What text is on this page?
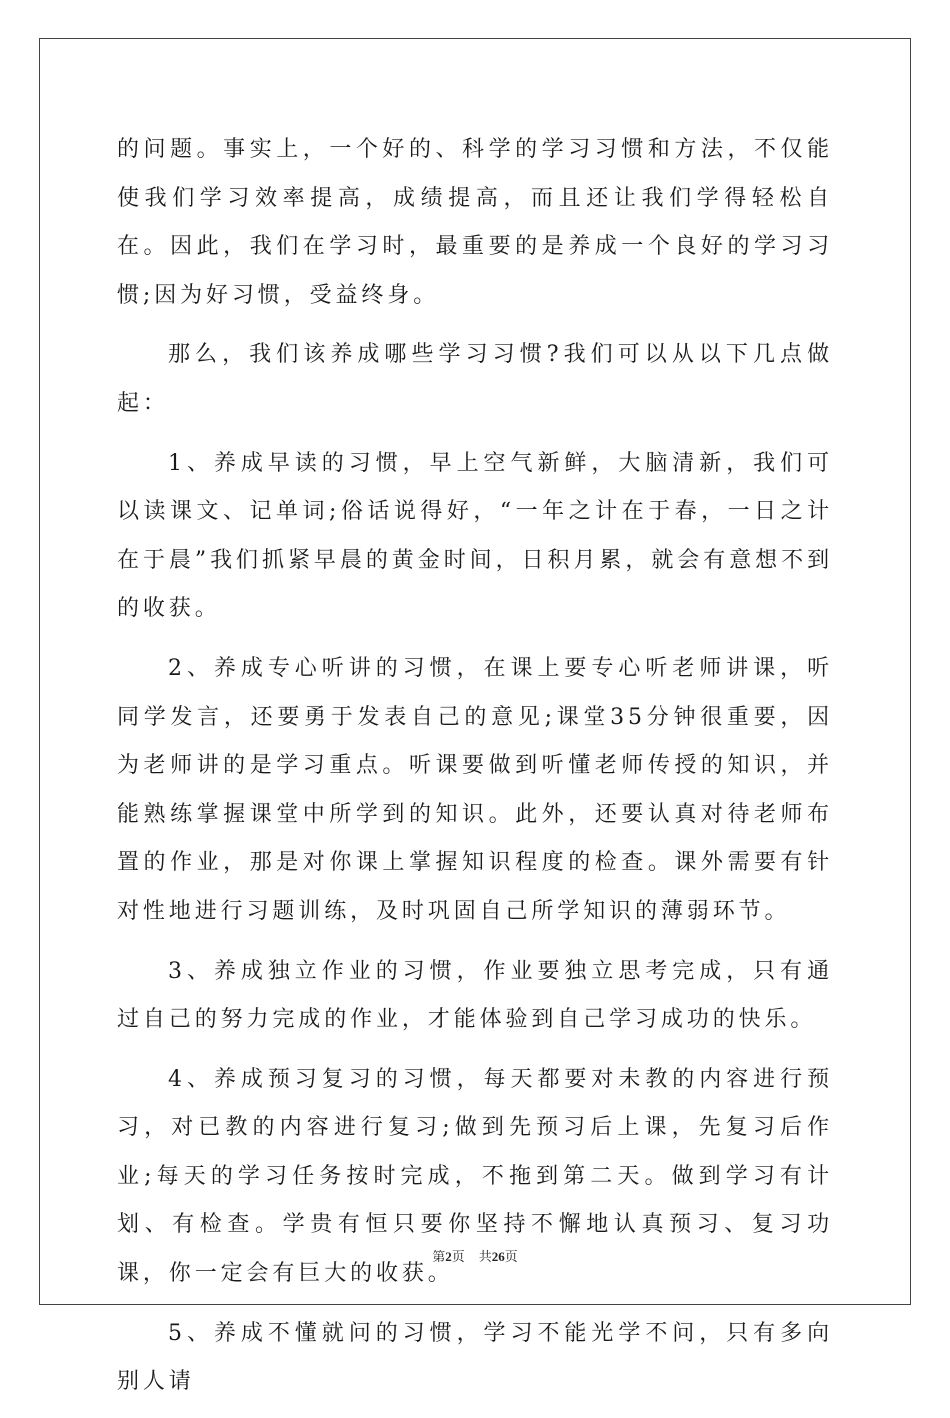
的问题。事实上，一个好的、科学的学习习惯和方法，不仅能使我们学习效率提高，成绩提高，而且还让我们学得轻松自在。因此，我们在学习时，最重要的是养成一个良好的学习习惯;因为好习惯，受益终身。

那么，我们该养成哪些学习习惯?我们可以从以下几点做起：

1、养成早读的习惯，早上空气新鲜，大脑清新，我们可以读课文、记单词;俗话说得好，“一年之计在于春，一日之计在于晨”我们抓紧早晨的黄金时间，日积月累，就会有意想不到的收获。

2、养成专心听讲的习惯，在课上要专心听老师讲课，听同学发言，还要勇于发表自己的意见;课堂35分钟很重要，因为老师讲的是学习重点。听课要做到听懂老师传授的知识，并能熟练掌握课堂中所学到的知识。此外，还要认真对待老师布置的作业，那是对你课上掌握知识程度的检查。课外需要有针对性地进行习题训练，及时巩固自己所学知识的薄弱环节。

3、养成独立作业的习惯，作业要独立思考完成，只有通过自己的努力完成的作业，才能体验到自己学习成功的快乐。

4、养成预习复习的习惯，每天都要对未教的内容进行预习，对已教的内容进行复习;做到先预习后上课，先复习后作业;每天的学习任务按时完成，不拖到第二天。做到学习有计划、有检查。学贵有恒只要你坚持不懈地认真预习、复习功课，你一定会有巨大的收获。

5、养成不懂就问的习惯，学习不能光学不问，只有多向别人请

第2页 共26页
